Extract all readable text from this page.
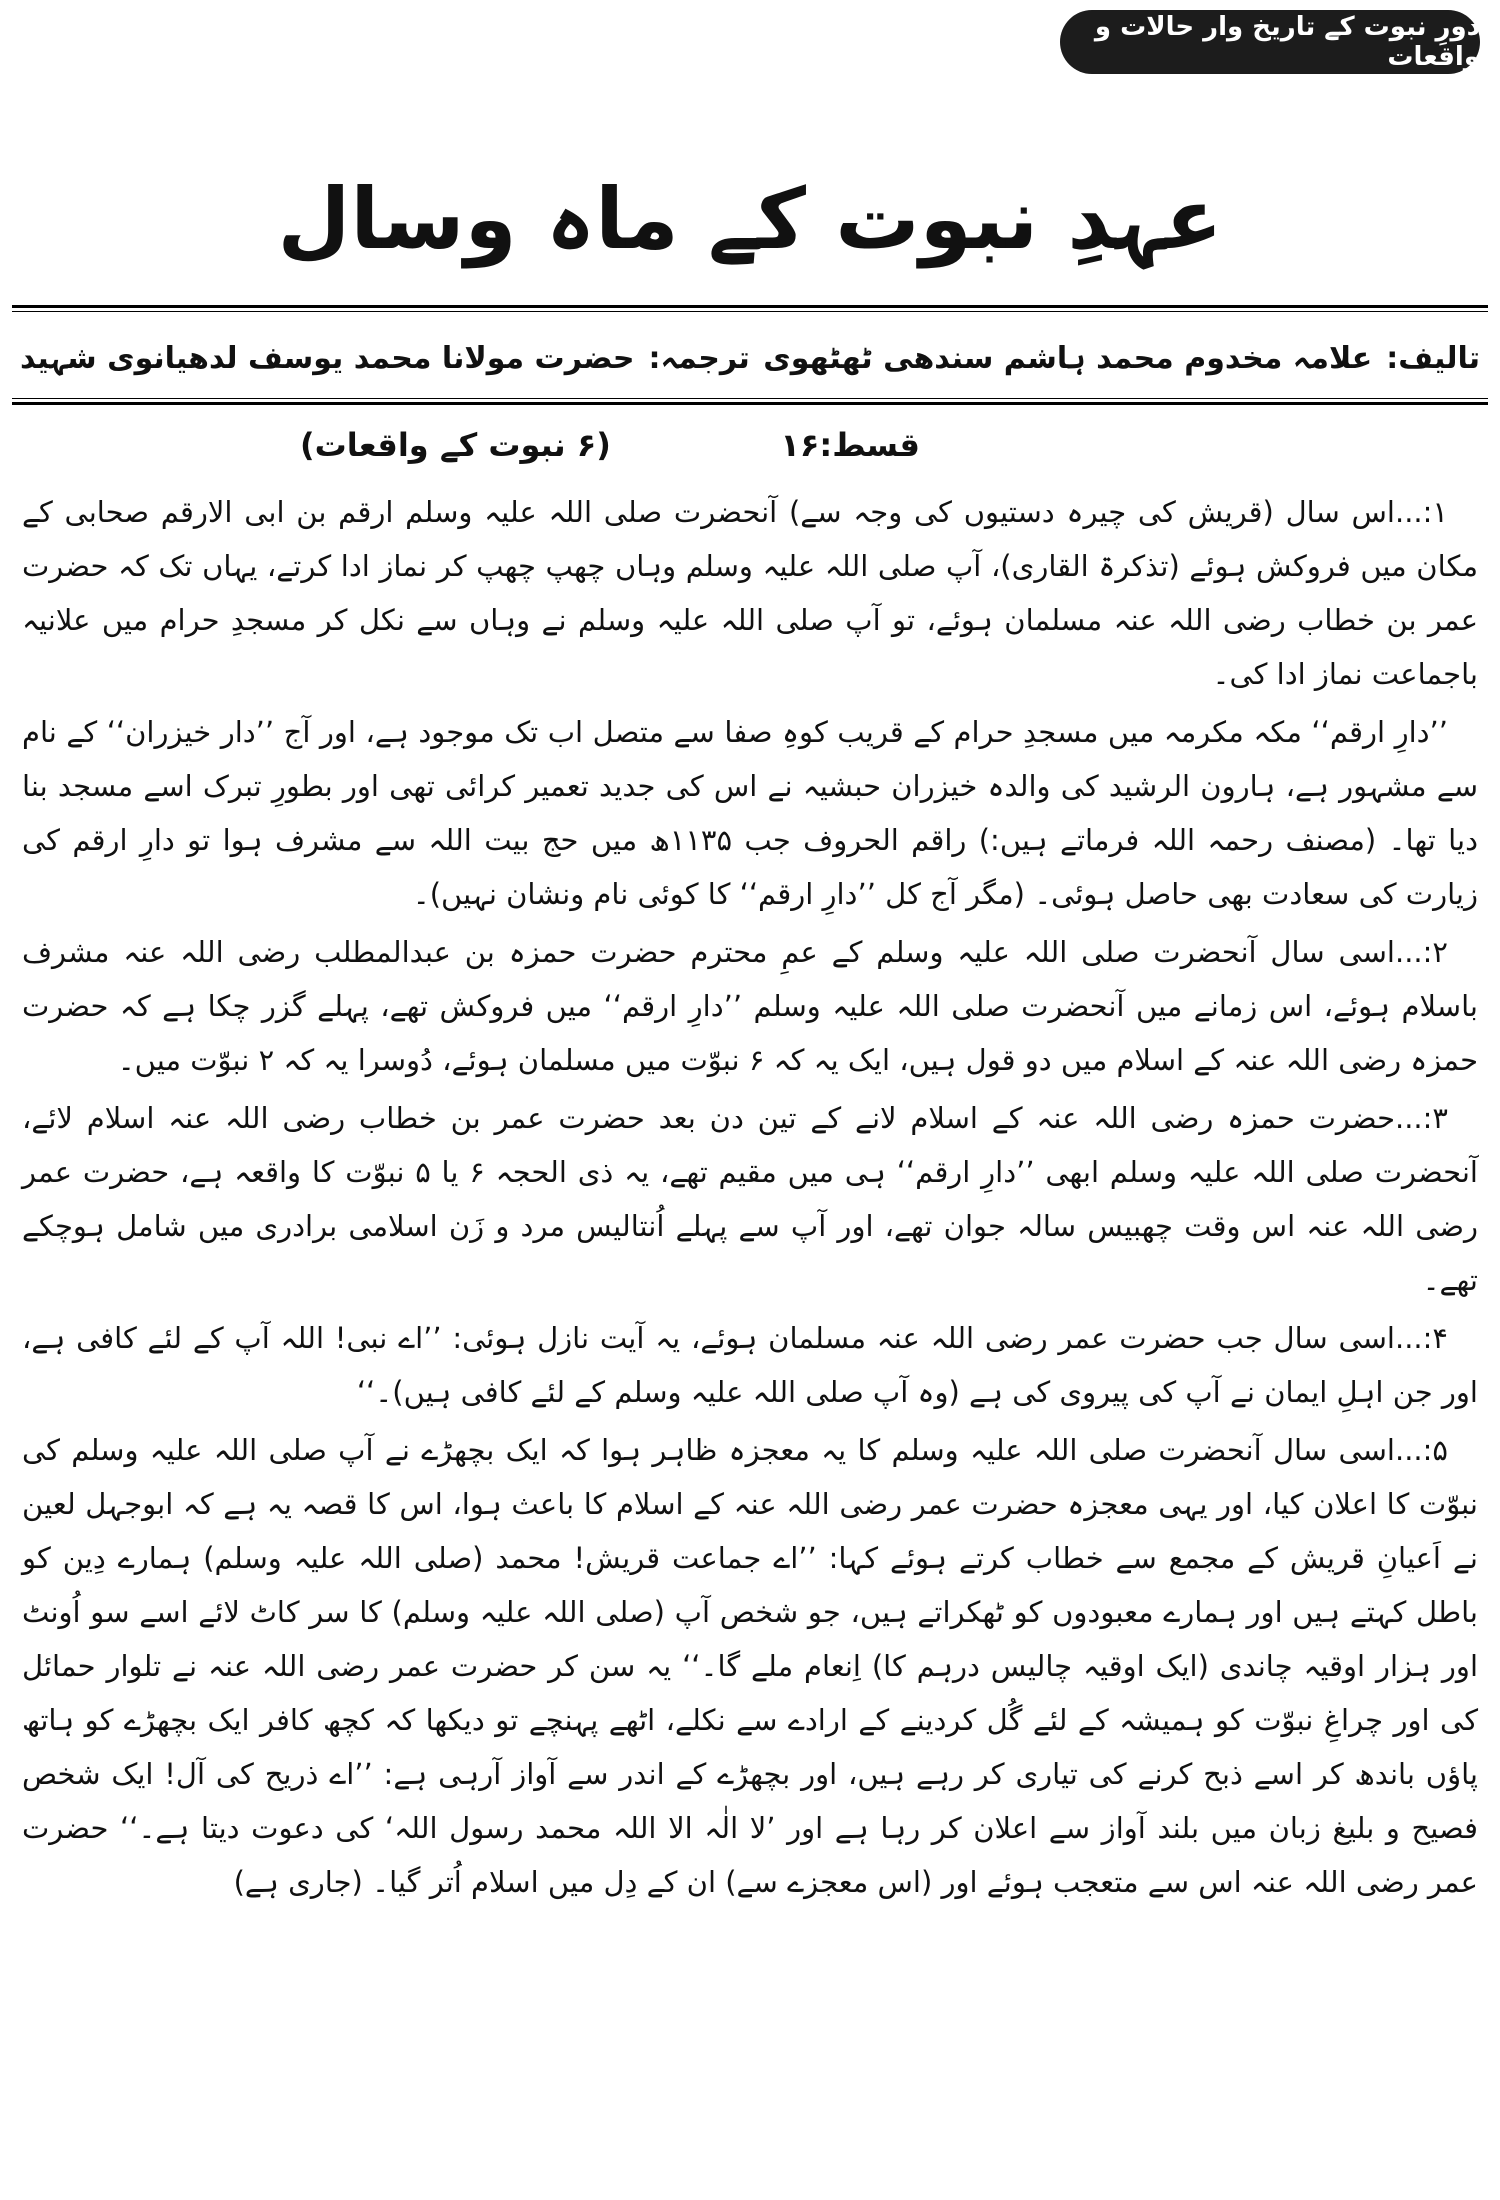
دورِ نبوت کے تاریخ وار حالات و واقعات
عہدِ نبوت کے ماہ وسال
تالیف:
علامہ مخدوم محمد ہاشم سندھی ٹھٹھوی
ترجمہ:
حضرت مولانا محمد یوسف لدھیانوی شہید
قسط:۱۶
(۶ نبوت کے واقعات)

۱:...اس سال (قریش کی چیرہ دستیوں کی وجہ سے) آنحضرت صلی اللہ علیہ وسلم ارقم بن ابی الارقم صحابی کے مکان میں فروکش ہوئے (تذکرۃ القاری)، آپ صلی اللہ علیہ وسلم وہاں چھپ چھپ کر نماز ادا کرتے، یہاں تک کہ حضرت عمر بن خطاب رضی اللہ عنہ مسلمان ہوئے، تو آپ صلی اللہ علیہ وسلم نے وہاں سے نکل کر مسجدِ حرام میں علانیہ باجماعت نماز ادا کی۔

’’دارِ ارقم‘‘ مکہ مکرمہ میں مسجدِ حرام کے قریب کوہِ صفا سے متصل اب تک موجود ہے، اور آج ’’دار خیزران‘‘ کے نام سے مشہور ہے، ہارون الرشید کی والدہ خیزران حبشیہ نے اس کی جدید تعمیر کرائی تھی اور بطورِ تبرک اسے مسجد بنا دیا تھا۔ (مصنف رحمہ اللہ فرماتے ہیں:) راقم الحروف جب ۱۱۳۵ھ میں حج بیت اللہ سے مشرف ہوا تو دارِ ارقم کی زیارت کی سعادت بھی حاصل ہوئی۔ (مگر آج کل ’’دارِ ارقم‘‘ کا کوئی نام ونشان نہیں)۔

۲:...اسی سال آنحضرت صلی اللہ علیہ وسلم کے عمِ محترم حضرت حمزہ بن عبدالمطلب رضی اللہ عنہ مشرف باسلام ہوئے، اس زمانے میں آنحضرت صلی اللہ علیہ وسلم ’’دارِ ارقم‘‘ میں فروکش تھے، پہلے گزر چکا ہے کہ حضرت حمزہ رضی اللہ عنہ کے اسلام میں دو قول ہیں، ایک یہ کہ ۶ نبوّت میں مسلمان ہوئے، دُوسرا یہ کہ ۲ نبوّت میں۔

۳:...حضرت حمزہ رضی اللہ عنہ کے اسلام لانے کے تین دن بعد حضرت عمر بن خطاب رضی اللہ عنہ اسلام لائے، آنحضرت صلی اللہ علیہ وسلم ابھی ’’دارِ ارقم‘‘ ہی میں مقیم تھے، یہ ذی الحجہ ۶ یا ۵ نبوّت کا واقعہ ہے، حضرت عمر رضی اللہ عنہ اس وقت چھبیس سالہ جوان تھے، اور آپ سے پہلے اُنتالیس مرد و زَن اسلامی برادری میں شامل ہوچکے تھے۔

۴:...اسی سال جب حضرت عمر رضی اللہ عنہ مسلمان ہوئے، یہ آیت نازل ہوئی: ’’اے نبی! اللہ آپ کے لئے کافی ہے، اور جن اہلِ ایمان نے آپ کی پیروی کی ہے (وہ آپ صلی اللہ علیہ وسلم کے لئے کافی ہیں)۔‘‘

۵:...اسی سال آنحضرت صلی اللہ علیہ وسلم کا یہ معجزہ ظاہر ہوا کہ ایک بچھڑے نے آپ صلی اللہ علیہ وسلم کی نبوّت کا اعلان کیا، اور یہی معجزہ حضرت عمر رضی اللہ عنہ کے اسلام کا باعث ہوا، اس کا قصہ یہ ہے کہ ابوجہل لعین نے اَعیانِ قریش کے مجمع سے خطاب کرتے ہوئے کہا: ’’اے جماعت قریش! محمد (صلی اللہ علیہ وسلم) ہمارے دِین کو باطل کہتے ہیں اور ہمارے معبودوں کو ٹھکراتے ہیں، جو شخص آپ (صلی اللہ علیہ وسلم) کا سر کاٹ لائے اسے سو اُونٹ اور ہزار اوقیہ چاندی (ایک اوقیہ چالیس درہم کا) اِنعام ملے گا۔‘‘ یہ سن کر حضرت عمر رضی اللہ عنہ نے تلوار حمائل کی اور چراغِ نبوّت کو ہمیشہ کے لئے گُل کردینے کے ارادے سے نکلے، اٹھے پہنچے تو دیکھا کہ کچھ کافر ایک بچھڑے کو ہاتھ پاؤں باندھ کر اسے ذبح کرنے کی تیاری کر رہے ہیں، اور بچھڑے کے اندر سے آواز آرہی ہے: ’’اے ذریح کی آل! ایک شخص فصیح و بلیغ زبان میں بلند آواز سے اعلان کر رہا ہے اور ’لا الٰہ الا اللہ محمد رسول اللہ‘ کی دعوت دیتا ہے۔‘‘ حضرت عمر رضی اللہ عنہ اس سے متعجب ہوئے اور (اس معجزے سے) ان کے دِل میں اسلام اُتر گیا۔ (جاری ہے)
